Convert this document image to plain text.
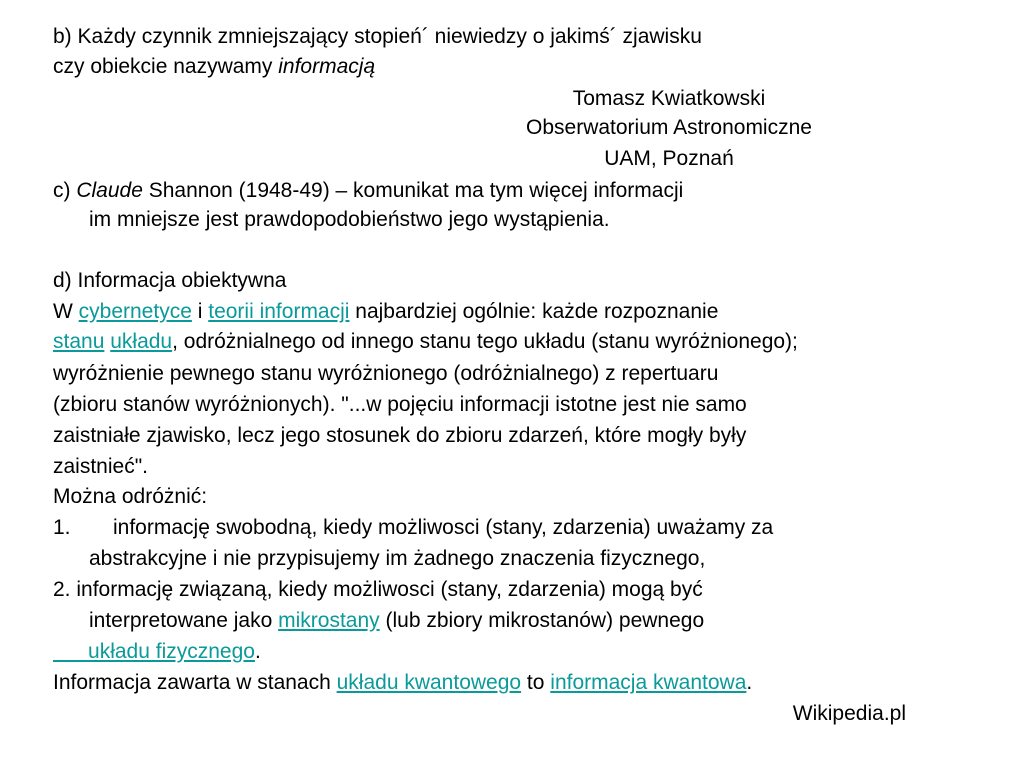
b) Każdy czynnik zmniejszający stopień´ niewiedzy o jakimś´ zjawisku
czy obiekcie nazywamy informacją
Tomasz Kwiatkowski
Obserwatorium Astronomiczne
UAM, Poznań
c) Claude Shannon (1948-49) – komunikat ma tym więcej informacji
im mniejsze jest prawdopodobieństwo jego wystąpienia.
d) Informacja obiektywna
W cybernetyce i teorii informacji najbardziej ogólnie: każde rozpoznanie
stanu układu, odróżnialnego od innego stanu tego układu (stanu wyróżnionego);
wyróżnienie pewnego stanu wyróżnionego (odróżnialnego) z repertuaru
(zbioru stanów wyróżnionych). "...w pojęciu informacji istotne jest nie samo
zaistniałe zjawisko, lecz jego stosunek do zbioru zdarzeń, które mogły były
zaistnieć".
Można odróżnić:
1. informację swobodną, kiedy możliwosci (stany, zdarzenia) uważamy za
abstrakcyjne i nie przypisujemy im żadnego znaczenia fizycznego,
2. informację związaną, kiedy możliwosci (stany, zdarzenia) mogą być
interpretowane jako mikrostany (lub zbiory mikrostanów) pewnego
układu fizycznego.
Informacja zawarta w stanach układu kwantowego to informacja kwantowa.
Wikipedia.pl
